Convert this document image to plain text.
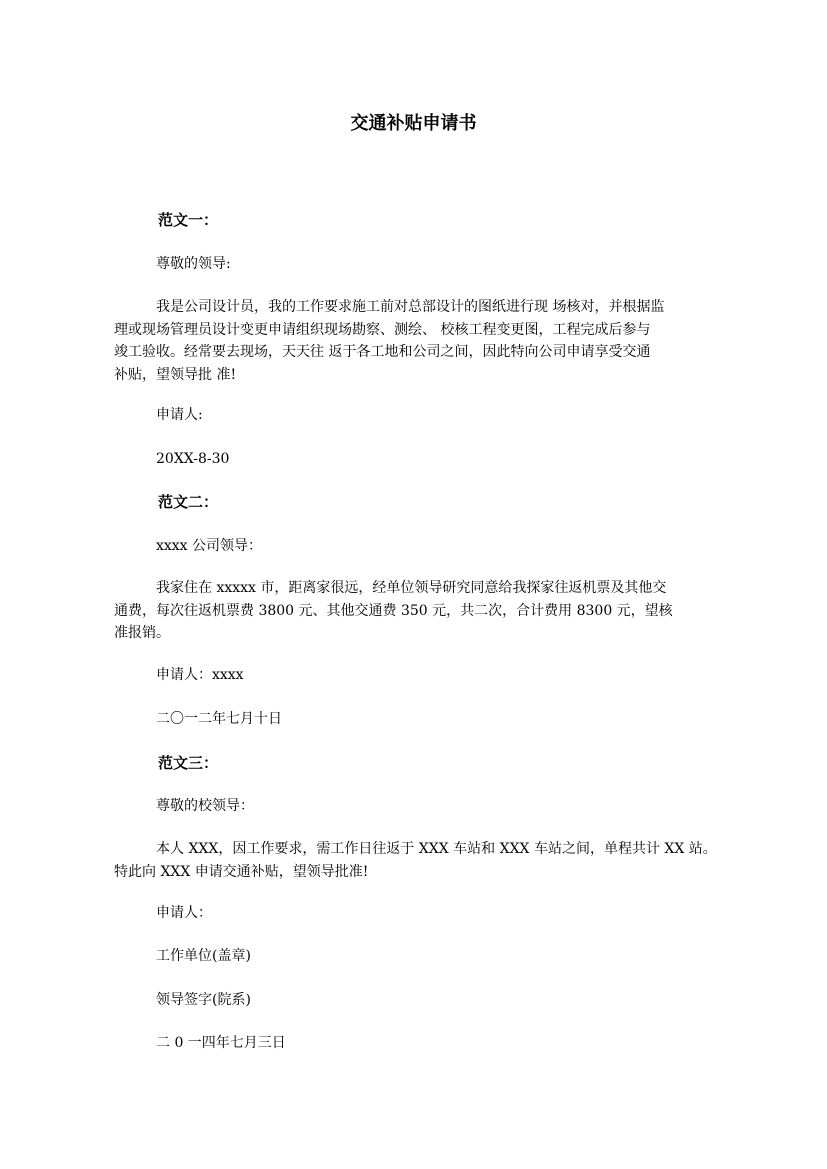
交通补贴申请书
范文一：
尊敬的领导:
我是公司设计员，我的工作要求施工前对总部设计的图纸进行现 场核对，并根据监
理或现场管理员设计变更申请组织现场勘察、测绘、 校核工程变更图，工程完成后参与
竣工验收。经常要去现场，天天往 返于各工地和公司之间，因此特向公司申请享受交通
补贴，望领导批 准!
申请人:
20XX-8-30
范文二：
xxxx 公司领导：
我家住在 xxxxx 市，距离家很远，经单位领导研究同意给我探家往返机票及其他交
通费，每次往返机票费 3800 元、其他交通费 350 元，共二次，合计费用 8300 元，望核
准报销。
申请人：xxxx
二〇一二年七月十日
范文三：
尊敬的校领导：
本人 XXX，因工作要求，需工作日往返于 XXX 车站和 XXX 车站之间，单程共计 XX 站。
特此向 XXX 申请交通补贴，望领导批准!
申请人：
工作单位(盖章)
领导签字(院系)
二 0 一四年七月三日
